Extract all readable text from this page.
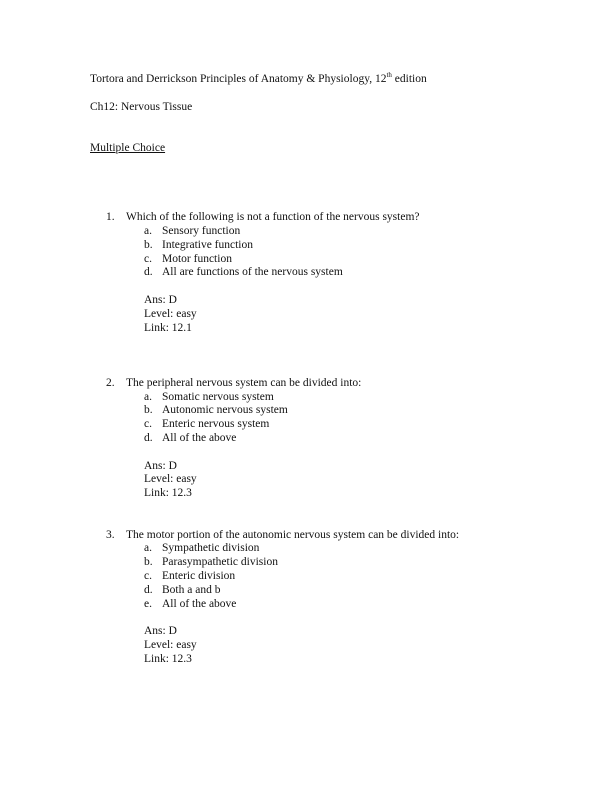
Tortora and Derrickson Principles of Anatomy & Physiology, 12th edition
Ch12: Nervous Tissue
Multiple Choice
1. Which of the following is not a function of the nervous system?
a. Sensory function
b. Integrative function
c. Motor function
d. All are functions of the nervous system
Ans: D
Level: easy
Link: 12.1
2. The peripheral nervous system can be divided into:
a. Somatic nervous system
b. Autonomic nervous system
c. Enteric nervous system
d. All of the above
Ans: D
Level: easy
Link: 12.3
3. The motor portion of the autonomic nervous system can be divided into:
a. Sympathetic division
b. Parasympathetic division
c. Enteric division
d. Both a and b
e. All of the above
Ans: D
Level: easy
Link: 12.3
